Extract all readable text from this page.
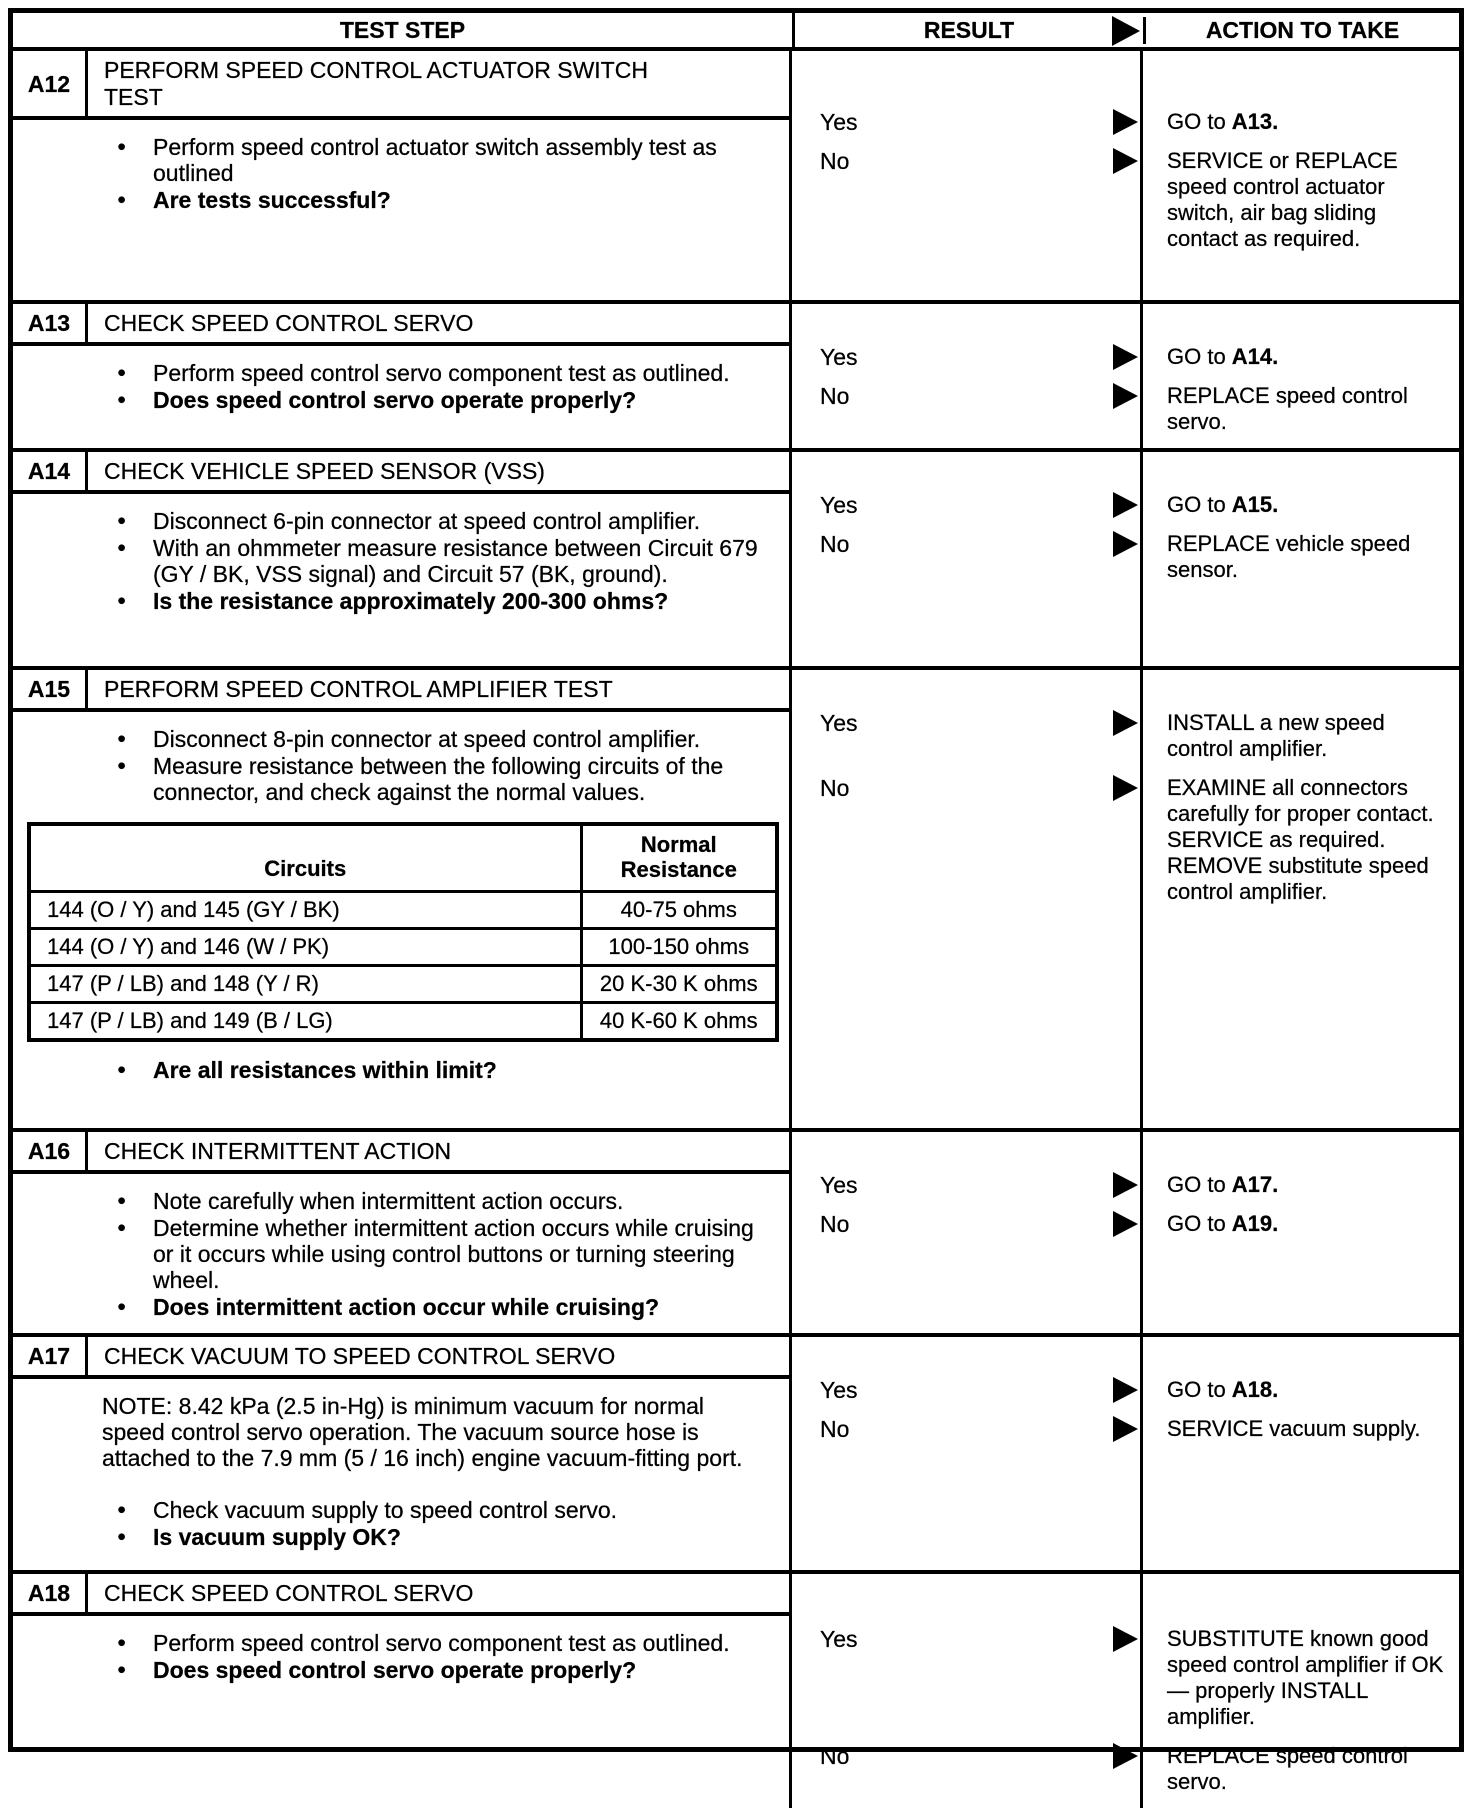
TEST STEP	RESULT	ACTION TO TAKE
A12
PERFORM SPEED CONTROL ACTUATOR SWITCH TEST
●	Perform speed control actuator switch assembly test as outlined
●	Are tests successful?
Yes	GO to A13.
No	SERVICE or REPLACE speed control actuator switch, air bag sliding contact as required.
A13	CHECK SPEED CONTROL SERVO
●	Perform speed control servo component test as outlined.
●	Does speed control servo operate properly?
Yes	GO to A14.
No	REPLACE speed control servo.
A14	CHECK VEHICLE SPEED SENSOR (VSS)
●	Disconnect 6-pin connector at speed control amplifier.
●	With an ohmmeter measure resistance between Circuit 679 (GY / BK, VSS signal) and Circuit 57 (BK, ground).
●	Is the resistance approximately 200-300 ohms?
Yes	GO to A15.
No	REPLACE vehicle speed sensor.
A15	PERFORM SPEED CONTROL AMPLIFIER TEST
●	Disconnect 8-pin connector at speed control amplifier.
●	Measure resistance between the following circuits of the connector, and check against the normal values.
Circuits	Normal Resistance
144 (O / Y) and 145 (GY / BK)	40-75 ohms
144 (O / Y) and 146 (W / PK)	100-150 ohms
147 (P / LB) and 148 (Y / R)	20 K-30 K ohms
147 (P / LB) and 149 (B / LG)	40 K-60 K ohms
●	Are all resistances within limit?
Yes	INSTALL a new speed control amplifier.
No	EXAMINE all connectors carefully for proper contact. SERVICE as required. REMOVE substitute speed control amplifier.
A16	CHECK INTERMITTENT ACTION
●	Note carefully when intermittent action occurs.
●	Determine whether intermittent action occurs while cruising or it occurs while using control buttons or turning steering wheel.
●	Does intermittent action occur while cruising?
Yes	GO to A17.
No	GO to A19.
A17	CHECK VACUUM TO SPEED CONTROL SERVO
NOTE: 8.42 kPa (2.5 in-Hg) is minimum vacuum for normal speed control servo operation. The vacuum source hose is attached to the 7.9 mm (5 / 16 inch) engine vacuum-fitting port.
●	Check vacuum supply to speed control servo.
●	Is vacuum supply OK?
Yes	GO to A18.
No	SERVICE vacuum supply.
A18	CHECK SPEED CONTROL SERVO
●	Perform speed control servo component test as outlined.
●	Does speed control servo operate properly?
Yes	SUBSTITUTE known good speed control amplifier if OK — properly INSTALL amplifier.
No	REPLACE speed control servo.
